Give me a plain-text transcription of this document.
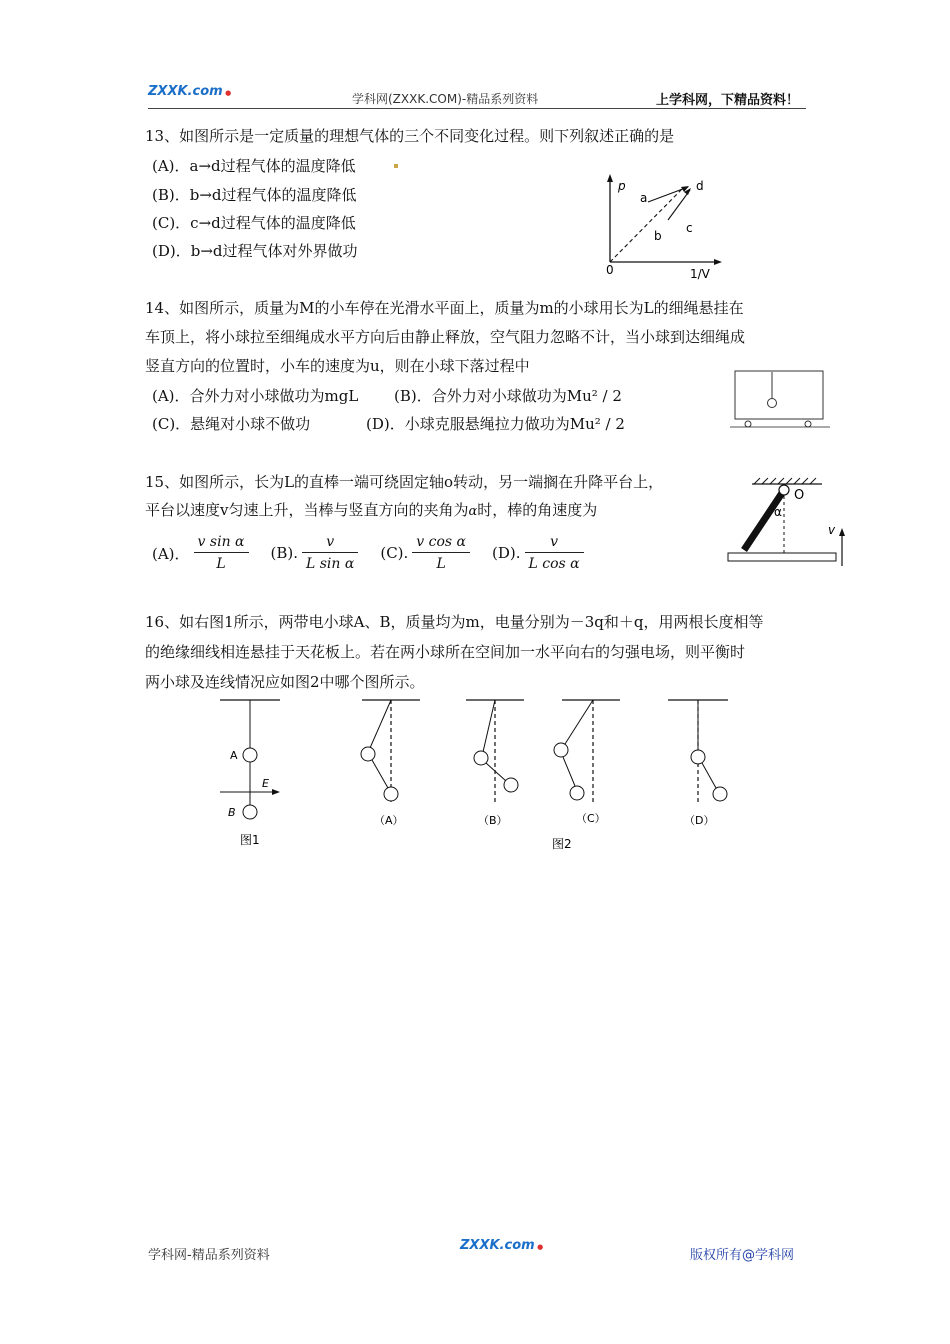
ZXXK.com ●	学科网(ZXXK.COM)-精品系列资料	上学科网，下精品资料！
13、如图所示是一定质量的理想气体的三个不同变化过程。则下列叙述正确的是
(A)．a→d过程气体的温度降低
(B)．b→d过程气体的温度降低
(C)．c→d过程气体的温度降低
(D)．b→d过程气体对外界做功
p
a
d
b
c
0	1/V
14、如图所示，质量为M的小车停在光滑水平面上，质量为m的小球用长为L的细绳悬挂在
车顶上，将小球拉至细绳成水平方向后由静止释放，空气阻力忽略不计，当小球到达细绳成
竖直方向的位置时，小车的速度为u，则在小球下落过程中
(A)．合外力对小球做功为mgL (B)．合外力对小球做功为Mu² / 2
(C)．悬绳对小球不做功	(D)．小球克服悬绳拉力做功为Mu² / 2
15、如图所示，长为L的直棒一端可绕固定轴o转动，另一端搁在升降平台上，
平台以速度v匀速上升，当棒与竖直方向的夹角为α时，棒的角速度为
(A)． $\frac{\text{v sin α}}{L} (B)$. $\frac{v}{\text{L sin α}} (C)$. $\frac{\text{v cos α}}{L} (D)$. $\frac{v}{\text{L cos α}}$
O
α
v
16、如右图1所示，两带电小球A、B，质量均为m，电量分别为－3q和＋q，用两根长度相等
的绝缘细线相连悬挂于天花板上。若在两小球所在空间加一水平向右的匀强电场，则平衡时
两小球及连线情况应如图2中哪个图所示。
A
B
E
图1
（A）	（B）	（C）	（D）
图2
学科网-精品系列资料
ZXXK.com ●
版权所有@学科网
